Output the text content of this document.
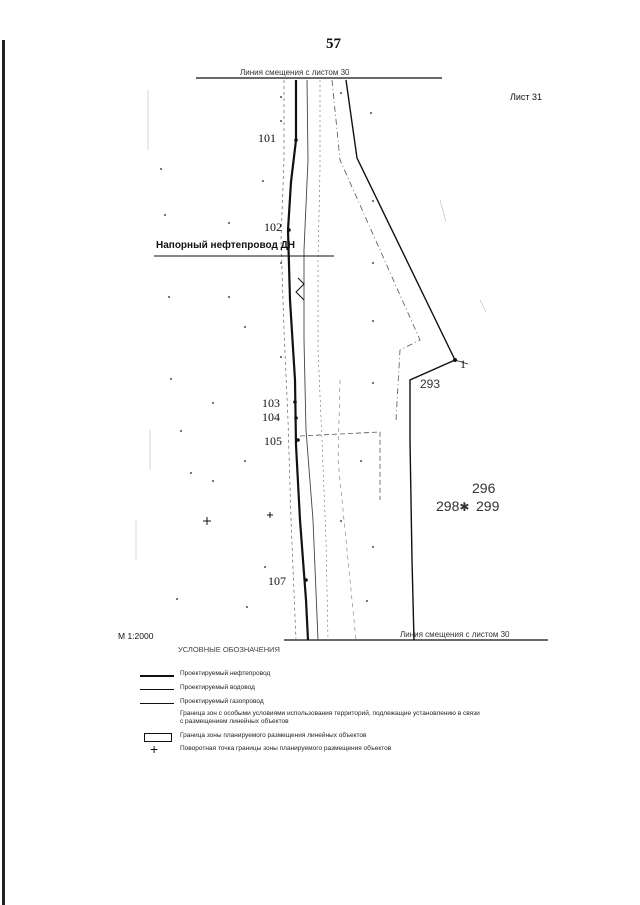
57
Лист 31
Линия смещения с листом 30
Линия смещения с листом 30
Напорный нефтепровод ДН
101
102
103
104
105
107
1
293
296
298✱ 299
М 1:2000
УСЛОВНЫЕ ОБОЗНАЧЕНИЯ
Проектируемый нефтепровод
Проектируемый водовод
Проектируемый газопровод
Граница зон с особыми условиями использования территорий, подлежащие установлению в связи с размещением линейных объектов
Граница зоны планируемого размещения линейных объектов
+	Поворотная точка границы зоны планируемого размещения объектов
